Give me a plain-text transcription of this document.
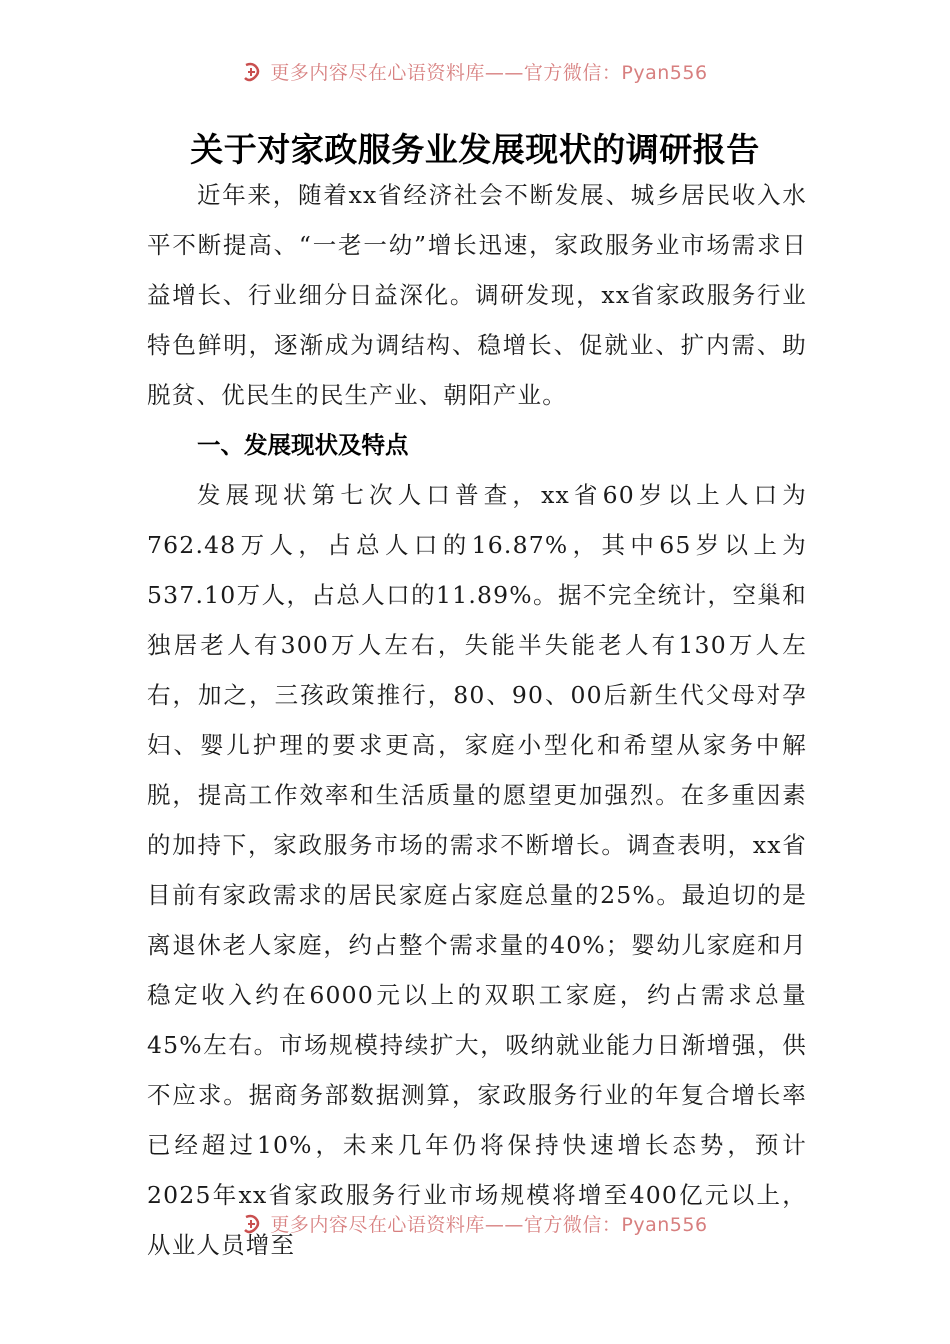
更多内容尽在心语资料库——官方微信：Pyan556
关于对家政服务业发展现状的调研报告

近年来，随着xx省经济社会不断发展、城乡居民收入水平不断提高、“一老一幼”增长迅速，家政服务业市场需求日益增长、行业细分日益深化。调研发现，xx省家政服务行业特色鲜明，逐渐成为调结构、稳增长、促就业、扩内需、助脱贫、优民生的民生产业、朝阳产业。

一、发展现状及特点

发展现状第七次人口普查，xx省60岁以上人口为762.48万人，占总人口的16.87%，其中65岁以上为537.10万人，占总人口的11.89%。据不完全统计，空巢和独居老人有300万人左右，失能半失能老人有130万人左右，加之，三孩政策推行，80、90、00后新生代父母对孕妇、婴儿护理的要求更高，家庭小型化和希望从家务中解脱，提高工作效率和生活质量的愿望更加强烈。在多重因素的加持下，家政服务市场的需求不断增长。调查表明，xx省目前有家政需求的居民家庭占家庭总量的25%。最迫切的是离退休老人家庭，约占整个需求量的40%；婴幼儿家庭和月稳定收入约在6000元以上的双职工家庭，约占需求总量45%左右。市场规模持续扩大，吸纳就业能力日渐增强，供不应求。据商务部数据测算，家政服务行业的年复合增长率已经超过10%，未来几年仍将保持快速增长态势，预计2025年xx省家政服务行业市场规模将增至400亿元以上，从业人员增至

更多内容尽在心语资料库——官方微信：Pyan556
